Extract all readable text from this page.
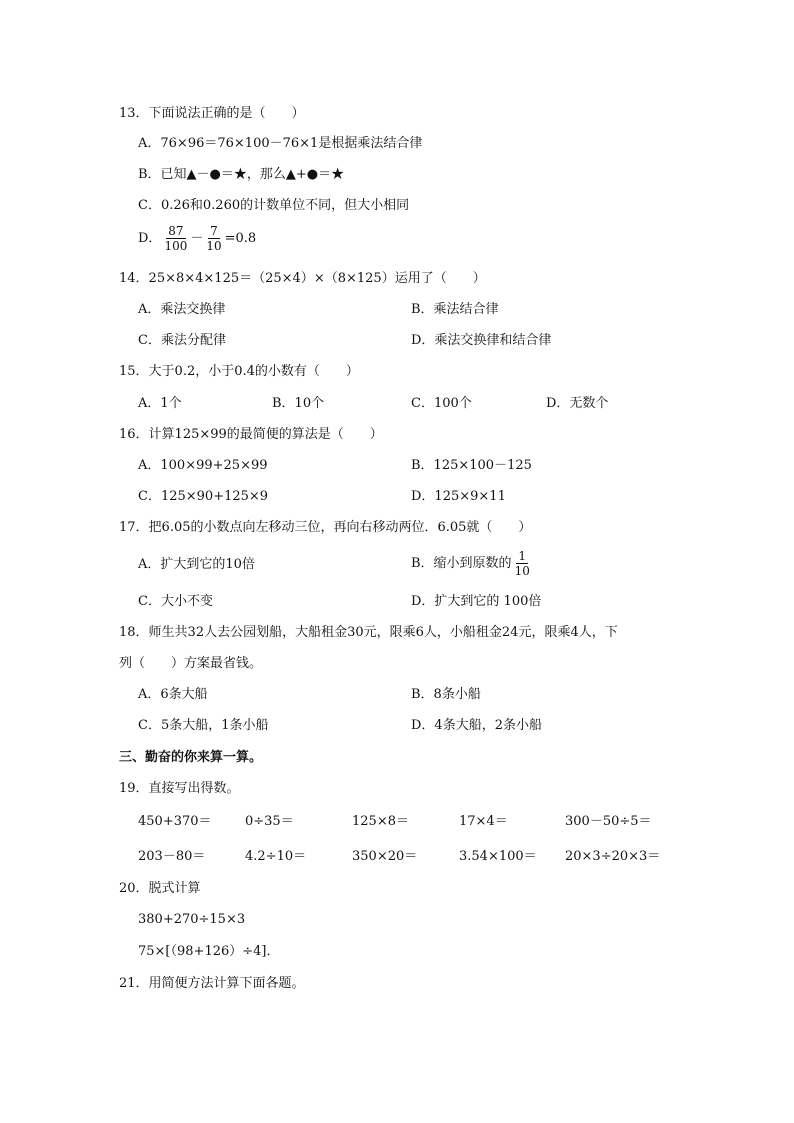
13．下面说法正确的是（　　）
A．76×96＝76×100－76×1是根据乘法结合律
B．已知▲－●＝★，那么▲+●＝★
C．0.26和0.260的计数单位不同，但大小相同
D． $\frac{87}{100} - \frac{7}{10} =0.8$
14．25×8×4×125＝（25×4）×（8×125）运用了（　　）
A．乘法交换律	B．乘法结合律
C．乘法分配律	D．乘法交换律和结合律
15．大于0.2，小于0.4的小数有（　　）
A．1个	B．10个	C．100个	D．无数个
16．计算125×99的最简便的算法是（　　）
A．100×99+25×99	B．125×100－125
C．125×90+125×9	D．125×9×11
17．把6.05的小数点向左移动三位，再向右移动两位．6.05就（　　）
A．扩大到它的10倍	B．缩小到原数的 $\frac{1}{10}$
C．大小不变	D．扩大到它的 100倍
18．师生共32人去公园划船，大船租金30元，限乘6人，小船租金24元，限乘4人，下
列（　　）方案最省钱。
A．6条大船	B．8条小船
C．5条大船，1条小船	D．4条大船，2条小船
三、勤奋的你来算一算。
19．直接写出得数。
450+370＝	0÷35＝	125×8＝	17×4＝	300－50÷5＝
203－80＝	4.2÷10＝	350×20＝	3.54×100＝ 20×3÷20×3＝
20．脱式计算
380+270÷15×3
75×[（98+126）÷4]．
21．用简便方法计算下面各题。
